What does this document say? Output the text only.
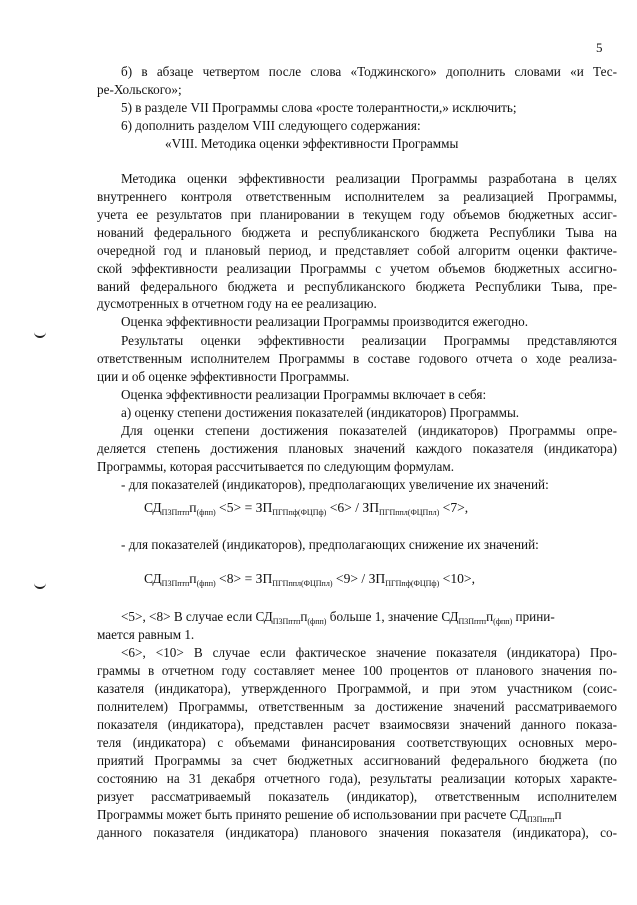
5
б) в абзаце четвертом после слова «Тоджинского» дополнить словами «и Тес-
ре-Хольского»;
5) в разделе VII Программы слова «росте толерантности,» исключить;
6) дополнить разделом VIII следующего содержания:
«VIII. Методика оценки эффективности Программы
Методика оценки эффективности реализации Программы разработана в целях
внутреннего контроля ответственным исполнителем за реализацией Программы,
учета ее результатов при планировании в текущем году объемов бюджетных ассиг-
нований федерального бюджета и республиканского бюджета Республики Тыва на
очередной год и плановый период, и представляет собой алгоритм оценки фактиче-
ской эффективности реализации Программы с учетом объемов бюджетных ассигно-
ваний федерального бюджета и республиканского бюджета Республики Тыва, пре-
дусмотренных в отчетном году на ее реализацию.
Оценка эффективности реализации Программы производится ежегодно.
Результаты оценки эффективности реализации Программы представляются
ответственным исполнителем Программы в составе годового отчета о ходе реализа-
ции и об оценке эффективности Программы.
Оценка эффективности реализации Программы включает в себя:
а) оценку степени достижения показателей (индикаторов) Программы.
Для оценки степени достижения показателей (индикаторов) Программы опре-
деляется степень достижения плановых значений каждого показателя (индикатора)
Программы, которая рассчитывается по следующим формулам.
- для показателей (индикаторов), предполагающих увеличение их значений:
$СД_{П3Пптп}п_{(фпп)} <5> = ЗП_{ПГПпф(ФЦПф)} <6> / ЗП_{ПГПппл(ФЦПпл)} <7>$,
- для показателей (индикаторов), предполагающих снижение их значений:
$СД_{П3Пптп}п_{(фпп)} <8> = ЗП_{ПГПппл(ФЦПпл)} <9> / ЗП_{ПГПпф(ФЦПф)} <10>$,
<5>, <8> В случае если $СД_{П3Пптп}п_{(фпп)}$ больше 1, значение $СД_{П3Пптп}п_{(фпп)}$ прини-
мается равным 1.
<6>, <10> В случае если фактическое значение показателя (индикатора) Про-
граммы в отчетном году составляет менее 100 процентов от планового значения по-
казателя (индикатора), утвержденного Программой, и при этом участником (соис-
полнителем) Программы, ответственным за достижение значений рассматриваемого
показателя (индикатора), представлен расчет взаимосвязи значений данного показа-
теля (индикатора) с объемами финансирования соответствующих основных меро-
приятий Программы за счет бюджетных ассигнований федерального бюджета (по
состоянию на 31 декабря отчетного года), результаты реализации которых характе-
ризует рассматриваемый показатель (индикатор), ответственным исполнителем
Программы может быть принято решение об использовании при расчете $СД_{П3Пптп}п$
данного показателя (индикатора) планового значения показателя (индикатора), со-
